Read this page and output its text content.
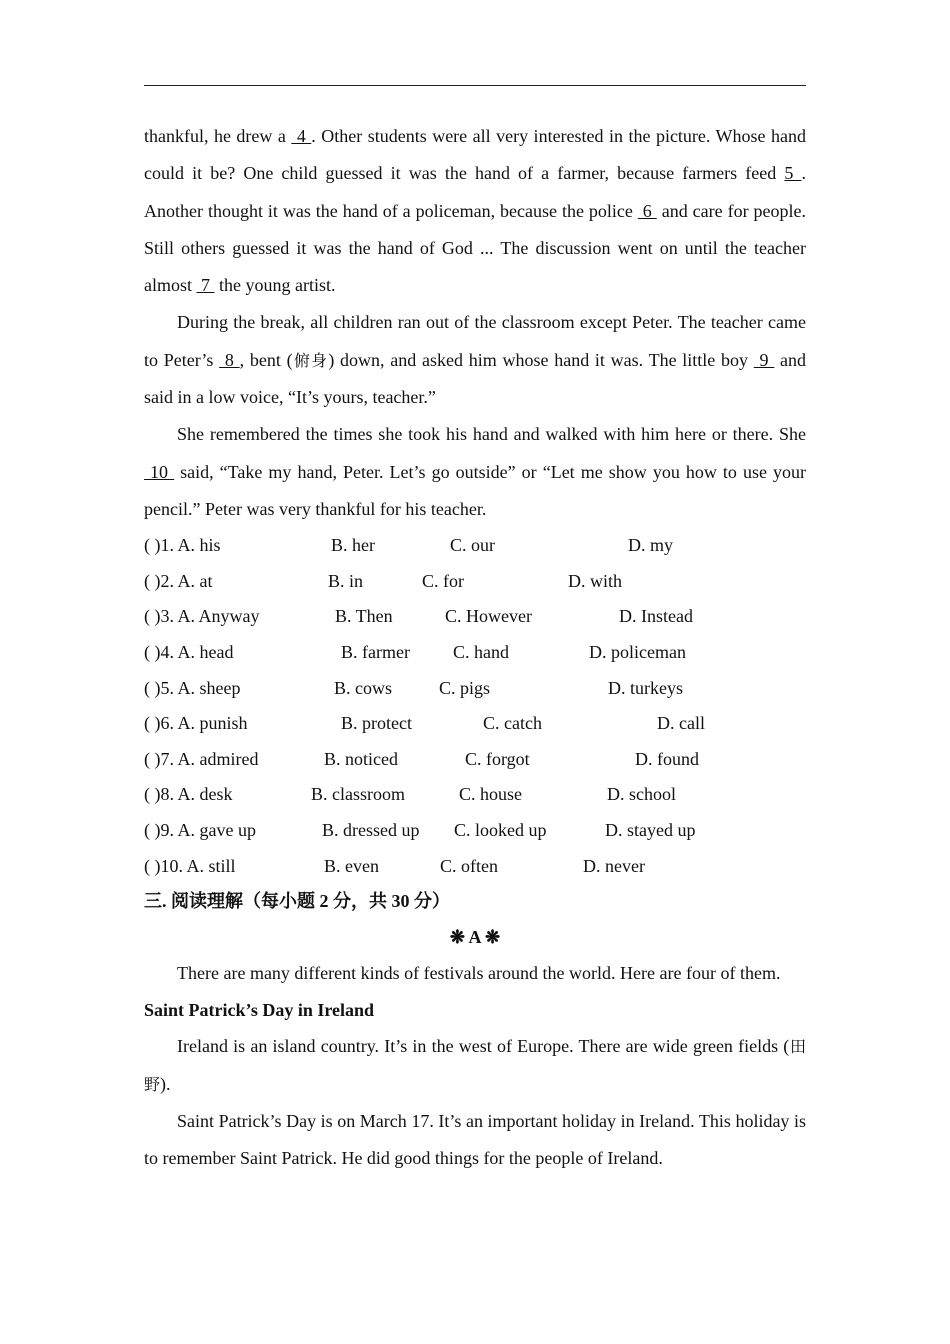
thankful, he drew a  4 . Other students were all very interested in the picture. Whose hand could it be? One child guessed it was the hand of a farmer, because farmers feed 5 . Another thought it was the hand of a policeman, because the police  6  and care for people. Still others guessed it was the hand of God ... The discussion went on until the teacher almost  7  the young artist.

During the break, all children ran out of the classroom except Peter. The teacher came to Peter’s  8 , bent (俯身) down, and asked him whose hand it was. The little boy  9  and said in a low voice, “It’s yours, teacher.”

She remembered the times she took his hand and walked with him here or there. She  10  said, “Take my hand, Peter. Let’s go outside” or “Let me show you how to use your pencil.” Peter was very thankful for his teacher.

( )1. A. his	B. her	C. our	D. my
( )2. A. at	B. in	C. for	D. with
( )3. A. Anyway	B. Then	C. However	D. Instead
( )4. A. head	B. farmer C. hand	D. policeman
( )5. A. sheep	B. cows	C. pigs	D. turkeys
( )6. A. punish	B. protect	C. catch	D. call
( )7. A. admired	B. noticed	C. forgot	D. found
( )8. A. desk	B. classroom	C. house	D. school
( )9. A. gave up	B. dressed up C. looked up	D. stayed up
( )10. A. still	B. even	C. often	D. never
三. 阅读理解（每小题 2 分，共 30 分）
❋ A ❋

There are many different kinds of festivals around the world. Here are four of them.

Saint Patrick’s Day in Ireland

Ireland is an island country. It’s in the west of Europe. There are wide green fields (田野).

Saint Patrick’s Day is on March 17. It’s an important holiday in Ireland. This holiday is to remember Saint Patrick. He did good things for the people of Ireland.
